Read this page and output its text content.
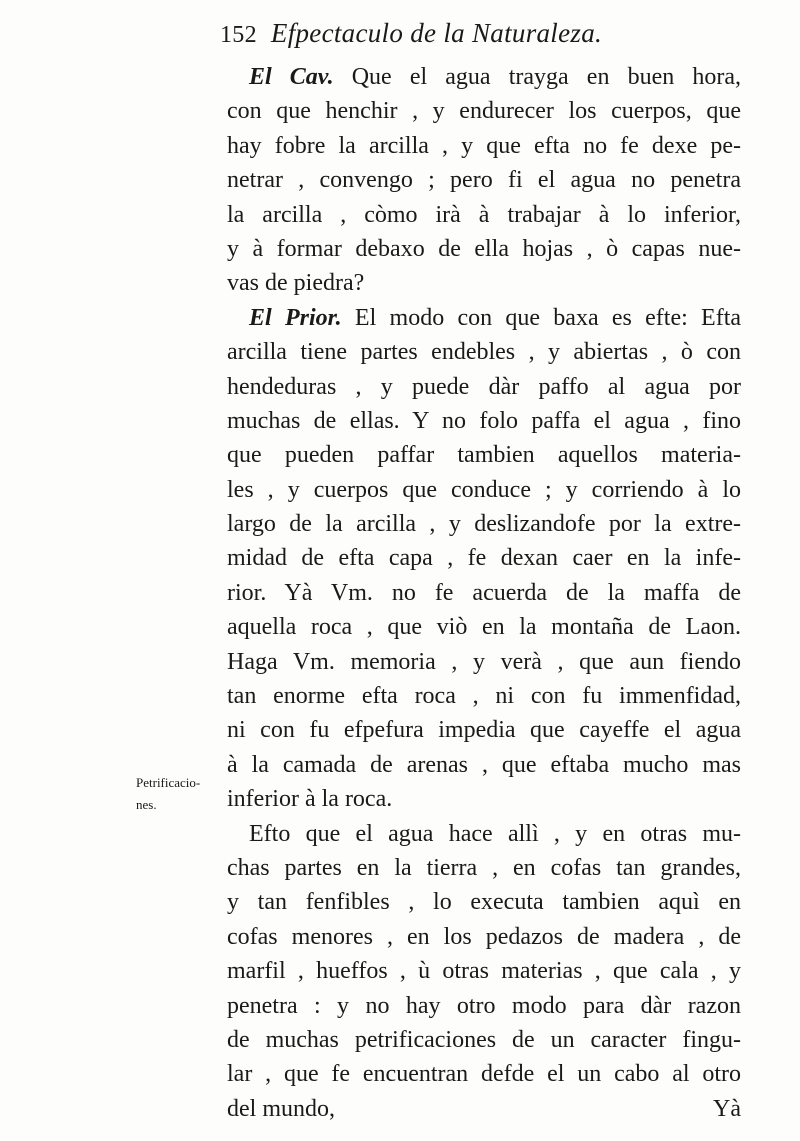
152 Efpectaculo de la Naturaleza.
Petrificacio-
nes.
El Cav. Que el agua trayga en buen hora,
con que henchir , y endurecer los cuerpos, que
hay fobre la arcilla , y que efta no fe dexe pe-
netrar , convengo ; pero fi el agua no penetra
la arcilla , còmo irà à trabajar à lo inferior,
y à formar debaxo de ella hojas , ò capas nue-
vas de piedra?
El Prior. El modo con que baxa es efte: Efta
arcilla tiene partes endebles , y abiertas , ò con
hendeduras , y puede dàr paffo al agua por
muchas de ellas. Y no folo paffa el agua , fino
que pueden paffar tambien aquellos materia-
les , y cuerpos que conduce ; y corriendo à lo
largo de la arcilla , y deslizandofe por la extre-
midad de efta capa , fe dexan caer en la infe-
rior. Yà Vm. no fe acuerda de la maffa de
aquella roca , que viò en la montaña de Laon.
Haga Vm. memoria , y verà , que aun fiendo
tan enorme efta roca , ni con fu immenfidad,
ni con fu efpefura impedia que cayeffe el agua
à la camada de arenas , que eftaba mucho mas
inferior à la roca.
Efto que el agua hace allì , y en otras mu-
chas partes en la tierra , en cofas tan grandes,
y tan fenfibles , lo executa tambien aquì en
cofas menores , en los pedazos de madera , de
marfil , hueffos , ù otras materias , que cala , y
penetra : y no hay otro modo para dàr razon
de muchas petrificaciones de un caracter fingu-
lar , que fe encuentran defde el un cabo al otro
del mundo,	Yà
